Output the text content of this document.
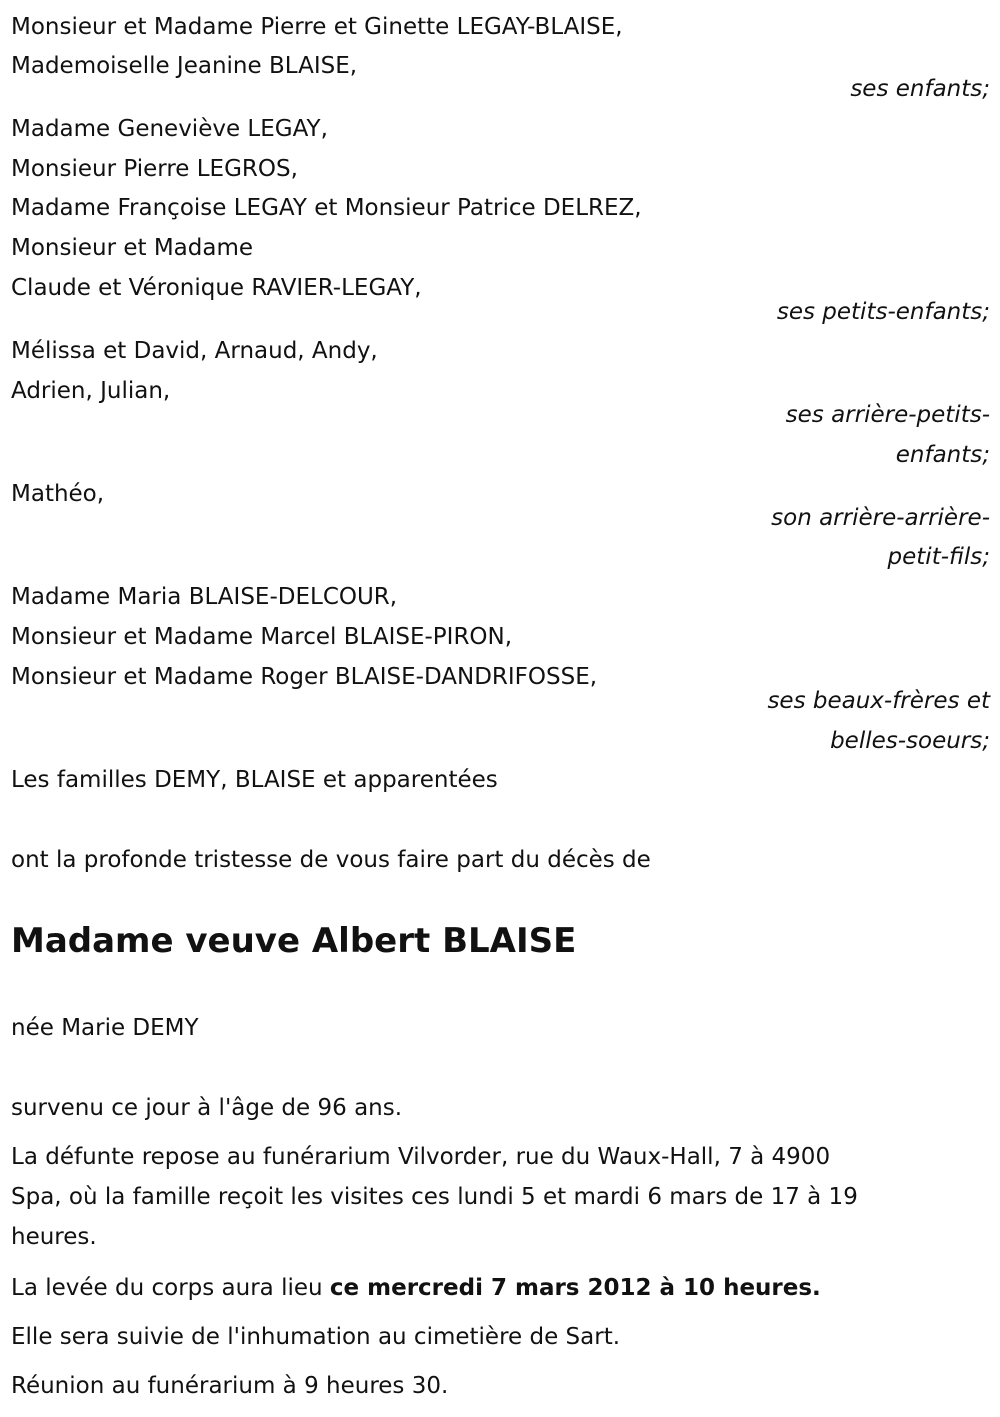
Monsieur et Madame Pierre et Ginette LEGAY-BLAISE,
Mademoiselle Jeanine BLAISE,
ses enfants;
Madame Geneviève LEGAY,
Monsieur Pierre LEGROS,
Madame Françoise LEGAY et Monsieur Patrice DELREZ,
Monsieur et Madame
Claude et Véronique RAVIER-LEGAY,
ses petits-enfants;
Mélissa et David, Arnaud, Andy,
Adrien, Julian,
ses arrière-petits-
enfants;
Mathéo,
son arrière-arrière-
petit-fils;
Madame Maria BLAISE-DELCOUR,
Monsieur et Madame Marcel BLAISE-PIRON,
Monsieur et Madame Roger BLAISE-DANDRIFOSSE,
ses beaux-frères et
belles-soeurs;
Les familles DEMY, BLAISE et apparentées
ont la profonde tristesse de vous faire part du décès de
Madame veuve Albert BLAISE
née Marie DEMY
survenu ce jour à l'âge de 96 ans.
La défunte repose au funérarium Vilvorder, rue du Waux-Hall, 7 à 4900
Spa, où la famille reçoit les visites ces lundi 5 et mardi 6 mars de 17 à 19
heures.
La levée du corps aura lieu ce mercredi 7 mars 2012 à 10 heures.
Elle sera suivie de l'inhumation au cimetière de Sart.
Réunion au funérarium à 9 heures 30.
